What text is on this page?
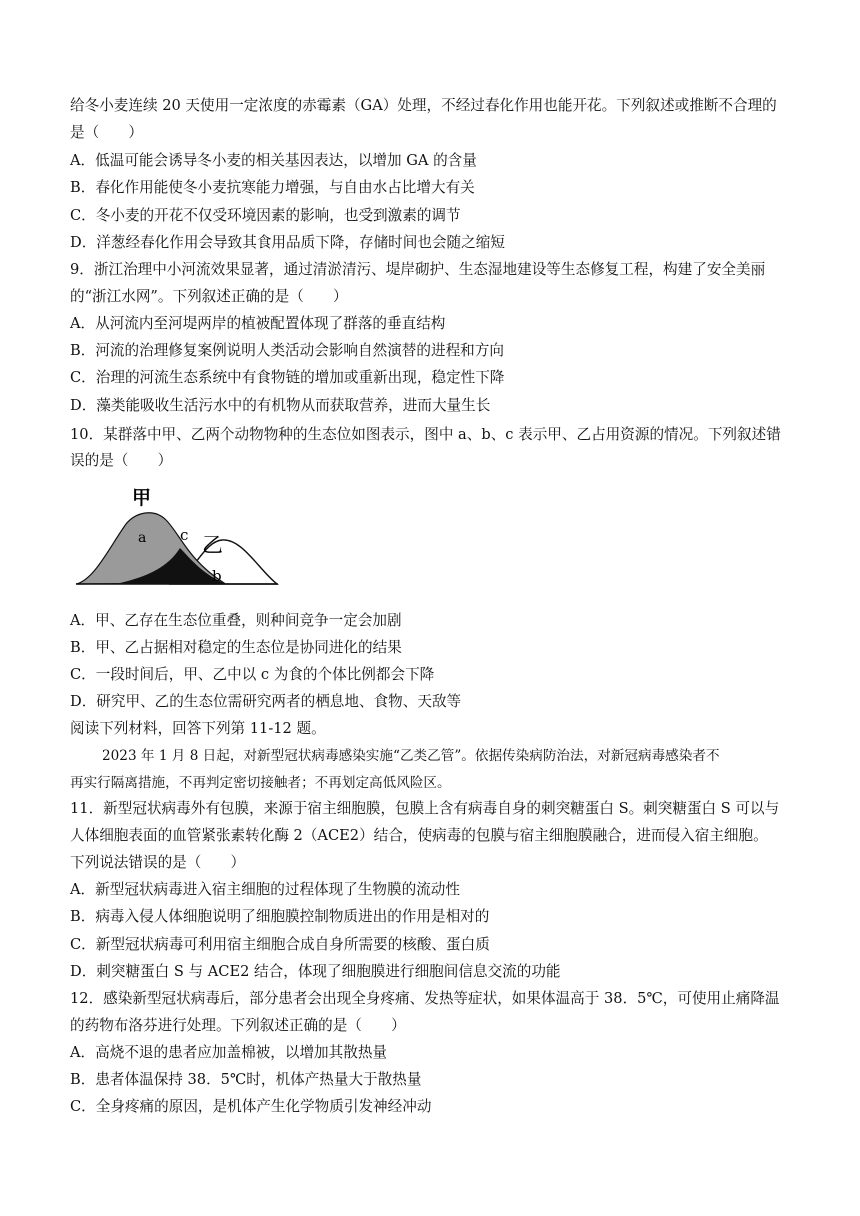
给冬小麦连续 20 天使用一定浓度的赤霉素（GA）处理，不经过春化作用也能开花。下列叙述或推断不合理的
是（　　）
A．低温可能会诱导冬小麦的相关基因表达，以增加 GA 的含量
B．春化作用能使冬小麦抗寒能力增强，与自由水占比增大有关
C．冬小麦的开花不仅受环境因素的影响，也受到激素的调节
D．洋葱经春化作用会导致其食用品质下降，存储时间也会随之缩短
9．浙江治理中小河流效果显著，通过清淤清污、堤岸砌护、生态湿地建设等生态修复工程，构建了安全美丽
的“浙江水网”。下列叙述正确的是（　　）
A．从河流内至河堤两岸的植被配置体现了群落的垂直结构
B．河流的治理修复案例说明人类活动会影响自然演替的进程和方向
C．治理的河流生态系统中有食物链的增加或重新出现，稳定性下降
D．藻类能吸收生活污水中的有机物从而获取营养，进而大量生长
10．某群落中甲、乙两个动物物种的生态位如图表示，图中 a、b、c 表示甲、乙占用资源的情况。下列叙述错
误的是（　　）
甲
a c 乙
b
A．甲、乙存在生态位重叠，则种间竞争一定会加剧
B．甲、乙占据相对稳定的生态位是协同进化的结果
C．一段时间后，甲、乙中以 c 为食的个体比例都会下降
D．研究甲、乙的生态位需研究两者的栖息地、食物、天敌等
阅读下列材料，回答下列第 11-12 题。
2023 年 1 月 8 日起，对新型冠状病毒感染实施“乙类乙管”。依据传染病防治法，对新冠病毒感染者不
再实行隔离措施，不再判定密切接触者；不再划定高低风险区。
11．新型冠状病毒外有包膜，来源于宿主细胞膜，包膜上含有病毒自身的刺突糖蛋白 S。刺突糖蛋白 S 可以与
人体细胞表面的血管紧张素转化酶 2（ACE2）结合，使病毒的包膜与宿主细胞膜融合，进而侵入宿主细胞。
下列说法错误的是（　　）
A．新型冠状病毒进入宿主细胞的过程体现了生物膜的流动性
B．病毒入侵人体细胞说明了细胞膜控制物质进出的作用是相对的
C．新型冠状病毒可利用宿主细胞合成自身所需要的核酸、蛋白质
D．刺突糖蛋白 S 与 ACE2 结合，体现了细胞膜进行细胞间信息交流的功能
12．感染新型冠状病毒后，部分患者会出现全身疼痛、发热等症状，如果体温高于 38．5℃，可使用止痛降温
的药物布洛芬进行处理。下列叙述正确的是（　　）
A．高烧不退的患者应加盖棉被，以增加其散热量
B．患者体温保持 38．5℃时，机体产热量大于散热量
C．全身疼痛的原因，是机体产生化学物质引发神经冲动
